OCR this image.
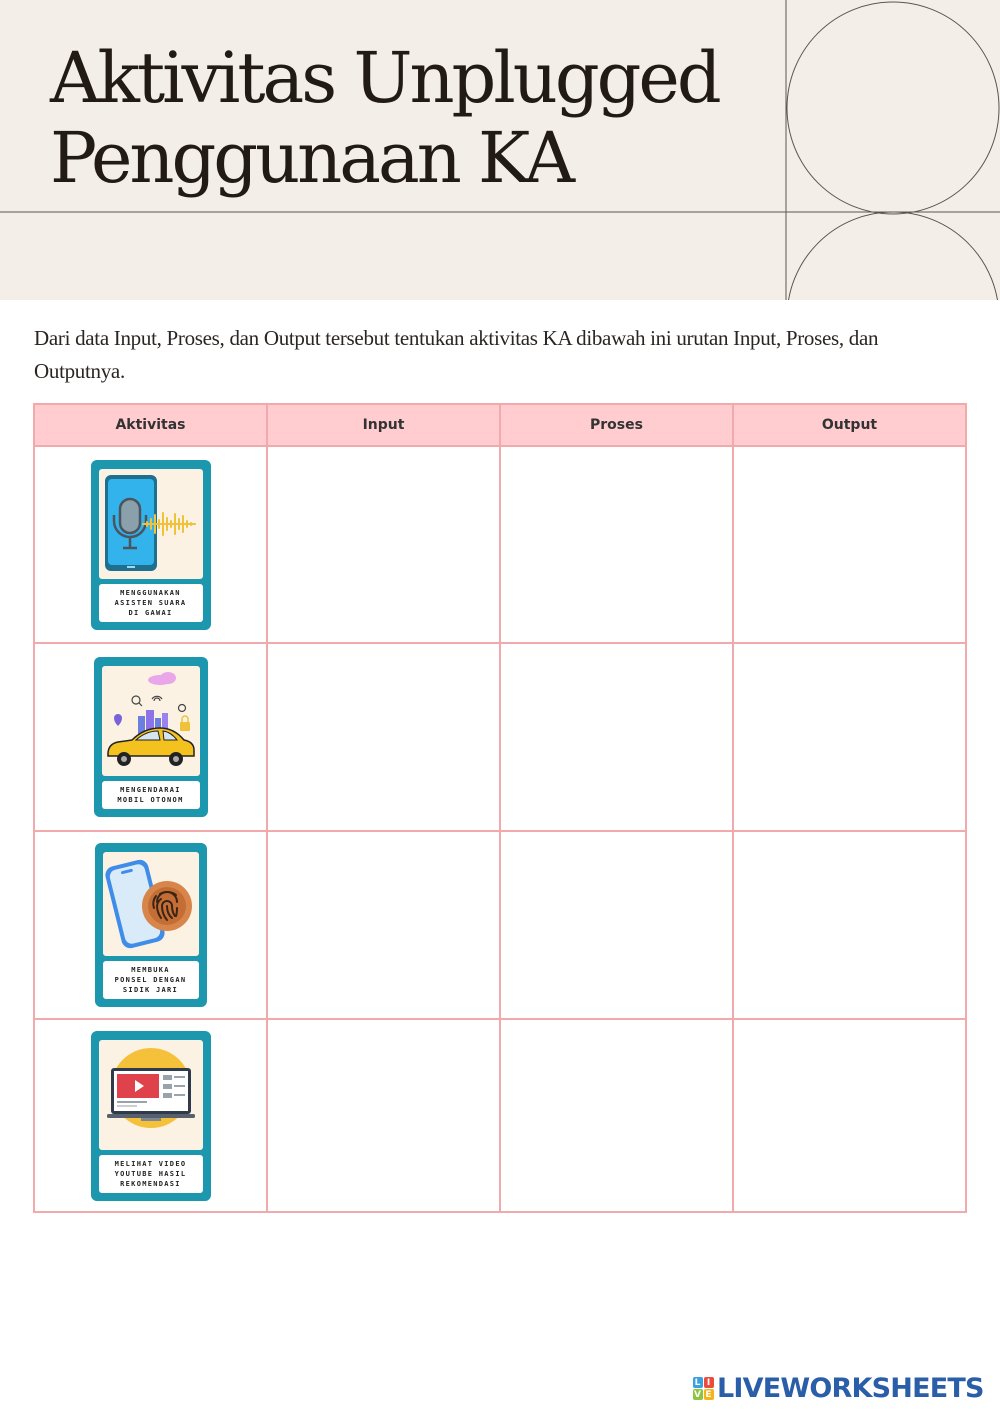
Aktivitas Unplugged
Penggunaan KA

Dari data Input, Proses, dan Output tersebut tentukan aktivitas KA dibawah ini urutan Input, Proses, dan Outputnya.

Aktivitas	Input	Proses	Output

MENGGUNAKAN
ASISTEN SUARA
DI GAWAI			

MENGENDARAI
MOBIL OTONOM			

MEMBUKA
PONSEL DENGAN
SIDIK JARI			

MELIHAT VIDEO
YOUTUBE HASIL
REKOMENDASI			

L I
V E LIVEWORKSHEETS
